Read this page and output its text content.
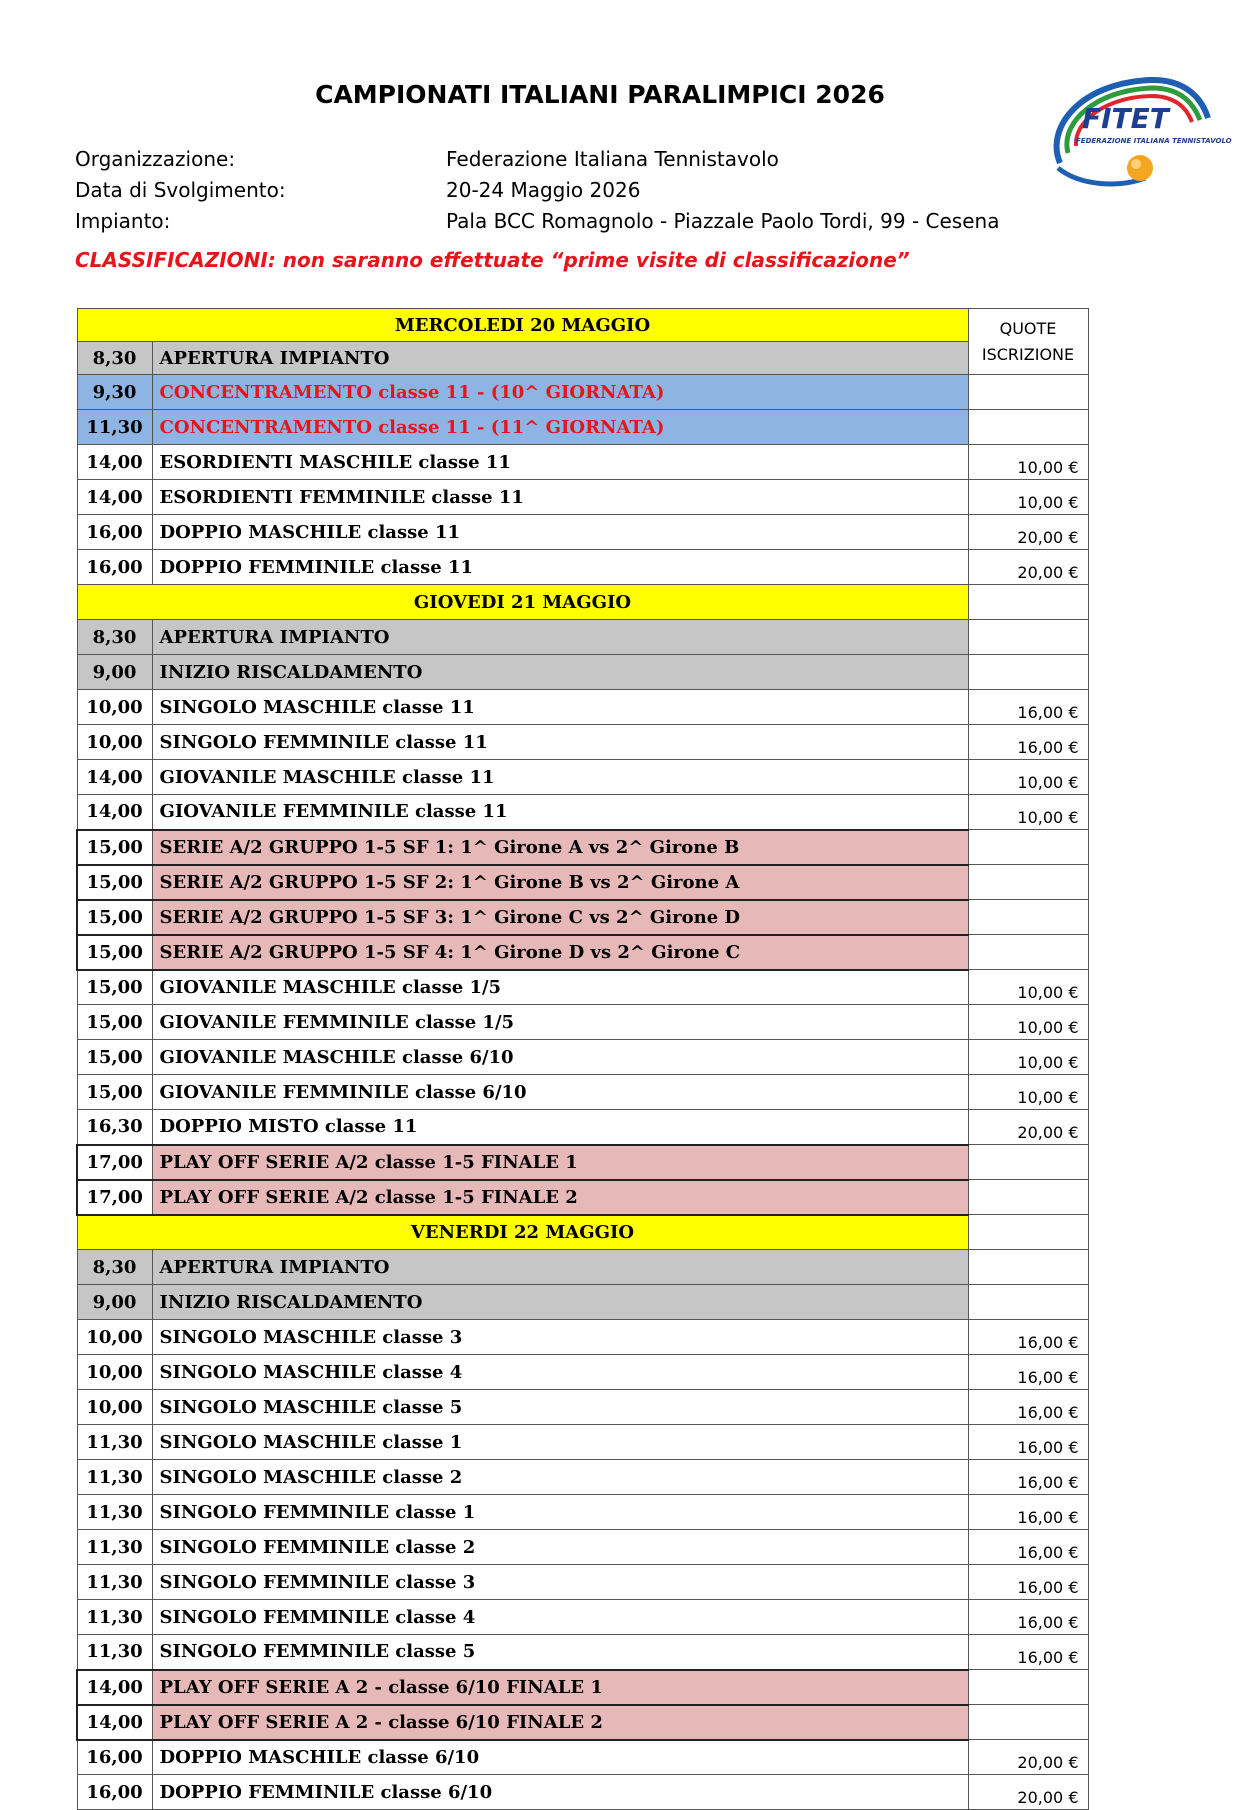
CAMPIONATI ITALIANI PARALIMPICI 2026
FITET
FEDERAZIONE ITALIANA TENNISTAVOLO
Organizzazione:	Federazione Italiana Tennistavolo
Data di Svolgimento:	20-24 Maggio 2026
Impianto:	Pala BCC Romagnolo - Piazzale Paolo Tordi, 99 - Cesena
CLASSIFICAZIONI: non saranno effettuate “prime visite di classificazione”
MERCOLEDI 20 MAGGIO		QUOTE
ISCRIZIONE

8,30	APERTURA IMPIANTO	
9,30	CONCENTRAMENTO classe 11 - (10^ GIORNATA)	
11,30	CONCENTRAMENTO classe 11 - (11^ GIORNATA)	
14,00	ESORDIENTI MASCHILE classe 11	10,00 €
14,00	ESORDIENTI FEMMINILE classe 11	10,00 €
16,00	DOPPIO MASCHILE classe 11	20,00 €
16,00	DOPPIO FEMMINILE classe 11	20,00 €
GIOVEDI 21 MAGGIO		
8,30	APERTURA IMPIANTO	
9,00	INIZIO RISCALDAMENTO	
10,00	SINGOLO MASCHILE classe 11	16,00 €
10,00	SINGOLO FEMMINILE classe 11	16,00 €
14,00	GIOVANILE MASCHILE classe 11	10,00 €
14,00	GIOVANILE FEMMINILE classe 11	10,00 €
15,00	SERIE A/2 GRUPPO 1-5 SF 1: 1^ Girone A vs 2^ Girone B	
15,00	SERIE A/2 GRUPPO 1-5 SF 2: 1^ Girone B vs 2^ Girone A	
15,00	SERIE A/2 GRUPPO 1-5 SF 3: 1^ Girone C vs 2^ Girone D	
15,00	SERIE A/2 GRUPPO 1-5 SF 4: 1^ Girone D vs 2^ Girone C	
15,00	GIOVANILE MASCHILE classe 1/5	10,00 €
15,00	GIOVANILE FEMMINILE classe 1/5	10,00 €
15,00	GIOVANILE MASCHILE classe 6/10	10,00 €
15,00	GIOVANILE FEMMINILE classe 6/10	10,00 €
16,30	DOPPIO MISTO classe 11	20,00 €
17,00	PLAY OFF SERIE A/2 classe 1-5 FINALE 1	
17,00	PLAY OFF SERIE A/2 classe 1-5 FINALE 2	
VENERDI 22 MAGGIO		
8,30	APERTURA IMPIANTO	
9,00	INIZIO RISCALDAMENTO	
10,00	SINGOLO MASCHILE classe 3	16,00 €
10,00	SINGOLO MASCHILE classe 4	16,00 €
10,00	SINGOLO MASCHILE classe 5	16,00 €
11,30	SINGOLO MASCHILE classe 1	16,00 €
11,30	SINGOLO MASCHILE classe 2	16,00 €
11,30	SINGOLO FEMMINILE classe 1	16,00 €
11,30	SINGOLO FEMMINILE classe 2	16,00 €
11,30	SINGOLO FEMMINILE classe 3	16,00 €
11,30	SINGOLO FEMMINILE classe 4	16,00 €
11,30	SINGOLO FEMMINILE classe 5	16,00 €
14,00	PLAY OFF SERIE A 2 - classe 6/10 FINALE 1	
14,00	PLAY OFF SERIE A 2 - classe 6/10 FINALE 2	
16,00	DOPPIO MASCHILE classe 6/10	20,00 €
16,00	DOPPIO FEMMINILE classe 6/10	20,00 €
